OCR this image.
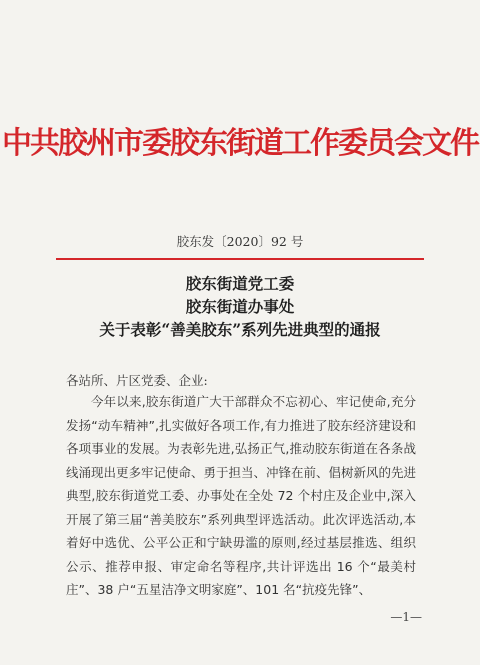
中共胶州市委胶东街道工作委员会文件
胶东发〔2020〕92 号
胶东街道党工委
胶东街道办事处
关于表彰“善美胶东”系列先进典型的通报
各站所、片区党委、企业:
今年以来,胶东街道广大干部群众不忘初心、牢记使命,充分发扬“动车精神”,扎实做好各项工作,有力推进了胶东经济建设和各项事业的发展。为表彰先进,弘扬正气,推动胶东街道在各条战线涌现出更多牢记使命、勇于担当、冲锋在前、倡树新风的先进典型,胶东街道党工委、办事处在全处 72 个村庄及企业中,深入开展了第三届“善美胶东”系列典型评选活动。此次评选活动,本着好中选优、公平公正和宁缺毋滥的原则,经过基层推选、组织公示、推荐申报、审定命名等程序,共计评选出 16 个“最美村庄”、38 户“五星洁净文明家庭”、101 名“抗疫先锋”、
—1—
